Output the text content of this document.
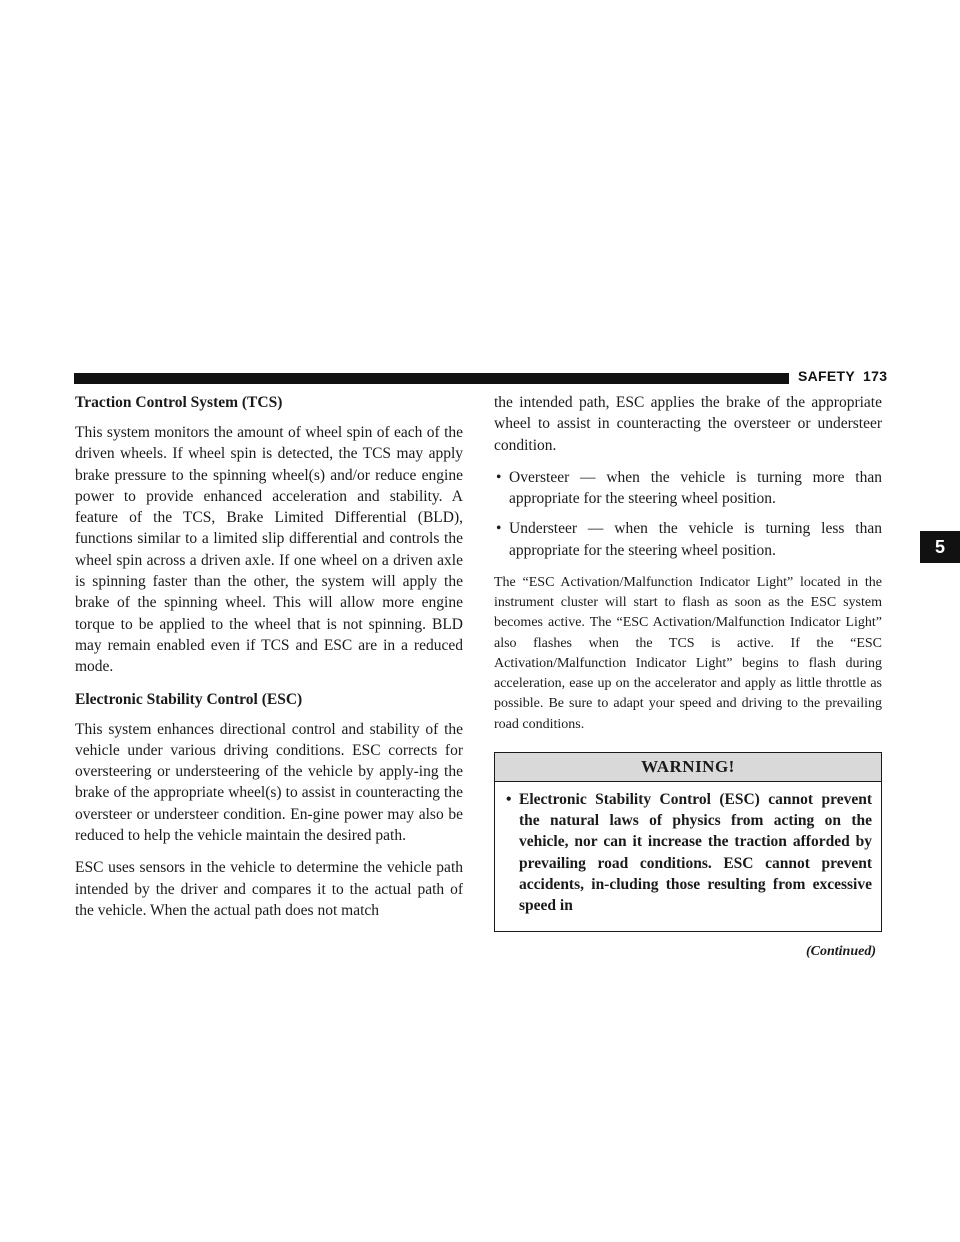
SAFETY 173
5
Traction Control System (TCS)

This system monitors the amount of wheel spin of each of the driven wheels. If wheel spin is detected, the TCS may apply brake pressure to the spinning wheel(s) and/or reduce engine power to provide enhanced acceleration and stability. A feature of the TCS, Brake Limited Differential (BLD), functions similar to a limited slip differential and controls the wheel spin across a driven axle. If one wheel on a driven axle is spinning faster than the other, the system will apply the brake of the spinning wheel. This will allow more engine torque to be applied to the wheel that is not spinning. BLD may remain enabled even if TCS and ESC are in a reduced mode.

Electronic Stability Control (ESC)

This system enhances directional control and stability of the vehicle under various driving conditions. ESC corrects for oversteering or understeering of the vehicle by apply-ing the brake of the appropriate wheel(s) to assist in counteracting the oversteer or understeer condition. En-gine power may also be reduced to help the vehicle maintain the desired path.

ESC uses sensors in the vehicle to determine the vehicle path intended by the driver and compares it to the actual path of the vehicle. When the actual path does not match

the intended path, ESC applies the brake of the appropriate wheel to assist in counteracting the oversteer or understeer condition.

• Oversteer — when the vehicle is turning more than appropriate for the steering wheel position.
• Understeer — when the vehicle is turning less than appropriate for the steering wheel position.

The “ESC Activation/Malfunction Indicator Light” located in the instrument cluster will start to flash as soon as the ESC system becomes active. The “ESC Activation/Malfunction Indicator Light” also flashes when the TCS is active. If the “ESC Activation/Malfunction Indicator Light” begins to flash during acceleration, ease up on the accelerator and apply as little throttle as possible. Be sure to adapt your speed and driving to the prevailing road conditions.

WARNING!
• Electronic Stability Control (ESC) cannot prevent the natural laws of physics from acting on the vehicle, nor can it increase the traction afforded by prevailing road conditions. ESC cannot prevent accidents, in-cluding those resulting from excessive speed in
(Continued)
